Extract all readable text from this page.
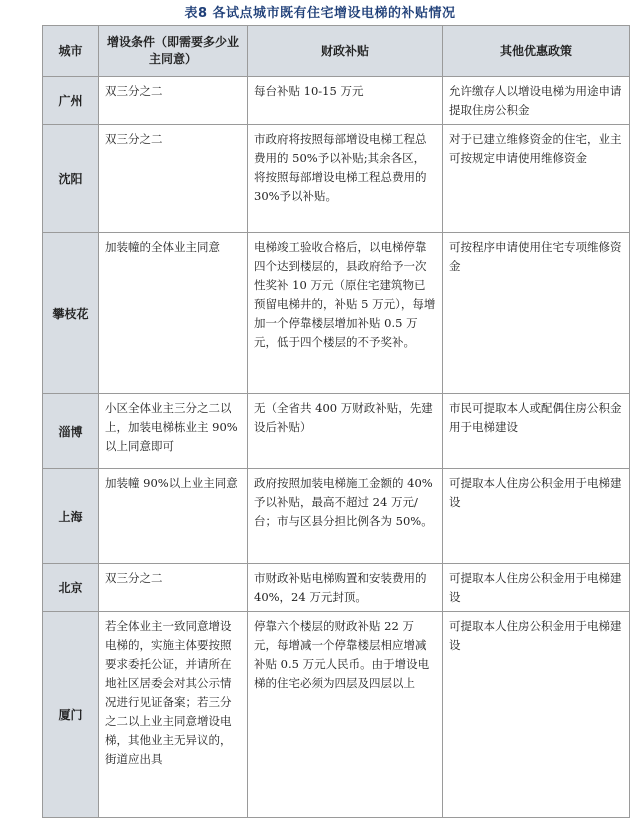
表8 各试点城市既有住宅增设电梯的补贴情况
城市	增设条件（即需要多少业主同意）	财政补贴	其他优惠政策
广州	双三分之二	每台补贴 10-15 万元	允许缴存人以增设电梯为用途申请提取住房公积金
沈阳	双三分之二	市政府将按照每部增设电梯工程总费用的 50%予以补贴;其余各区，将按照每部增设电梯工程总费用的 30%予以补贴。	对于已建立维修资金的住宅，业主可按规定申请使用维修资金
攀枝花	加装幢的全体业主同意	电梯竣工验收合格后，以电梯停靠四个达到楼层的，县政府给予一次性奖补 10 万元（原住宅建筑物已预留电梯井的，补贴 5 万元），每增加一个停靠楼层增加补贴 0.5 万元，低于四个楼层的不予奖补。	可按程序申请使用住宅专项维修资金
淄博	小区全体业主三分之二以上，加装电梯栋业主 90%以上同意即可	无（全省共 400 万财政补贴，先建设后补贴）	市民可提取本人或配偶住房公积金用于电梯建设
上海	加装幢 90%以上业主同意	政府按照加装电梯施工金额的 40%予以补贴，最高不超过 24 万元/台；市与区县分担比例各为 50%。	可提取本人住房公积金用于电梯建设
北京	双三分之二	市财政补贴电梯购置和安装费用的 40%，24 万元封顶。	可提取本人住房公积金用于电梯建设
厦门	若全体业主一致同意增设电梯的，实施主体要按照要求委托公证，并请所在地社区居委会对其公示情况进行见证备案；若三分之二以上业主同意增设电梯，其他业主无异议的，街道应出具	停靠六个楼层的财政补贴 22 万元，每增减一个停靠楼层相应增减补贴 0.5 万元人民币。由于增设电梯的住宅必须为四层及四层以上	可提取本人住房公积金用于电梯建设
